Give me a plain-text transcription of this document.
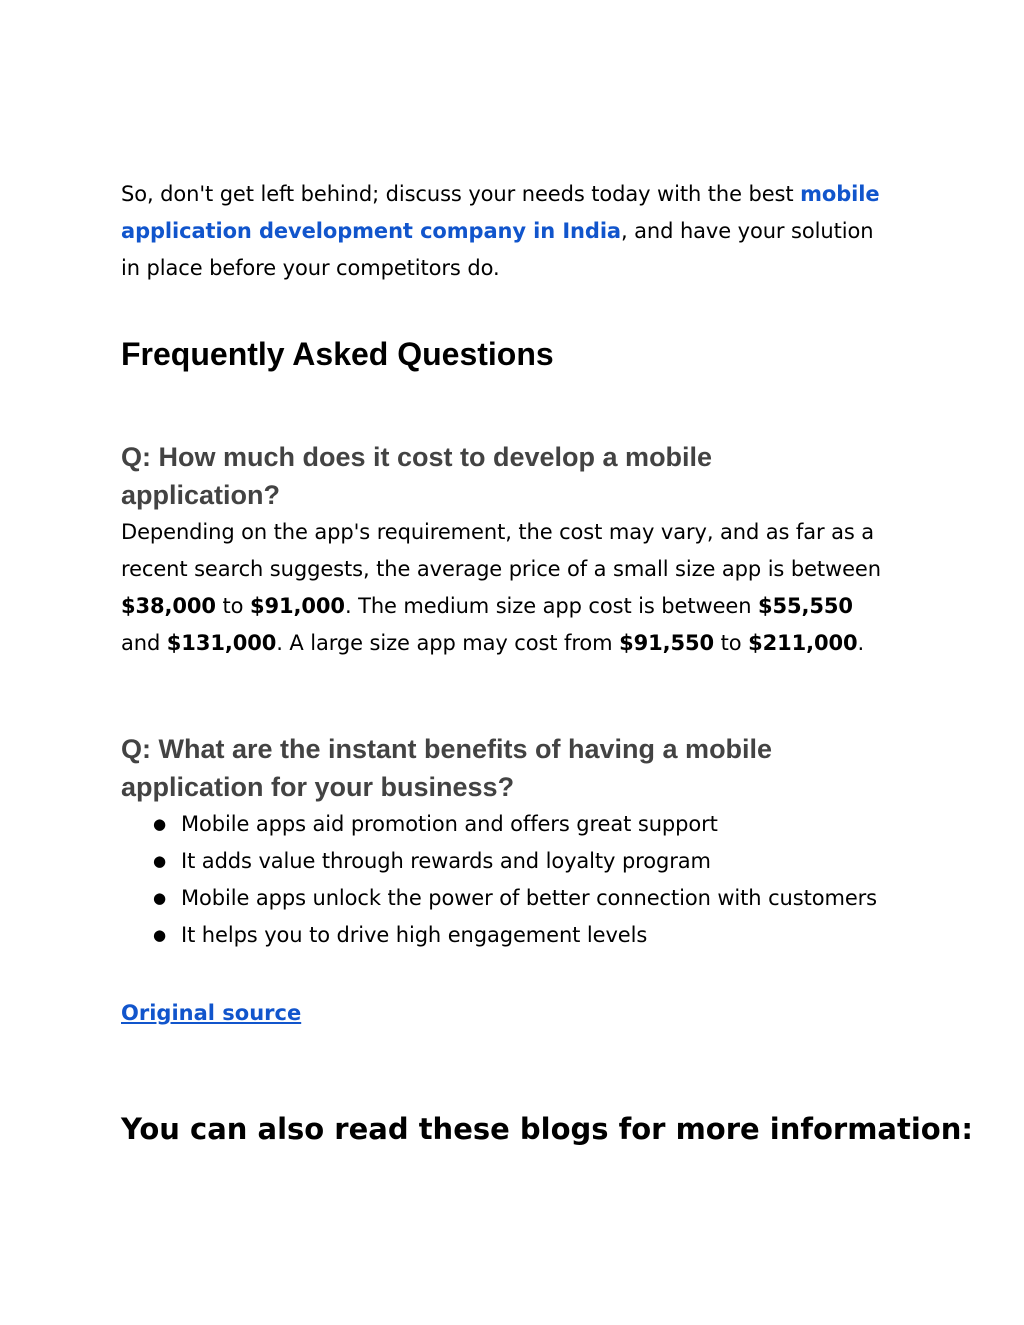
So, don't get left behind; discuss your needs today with the best mobile application development company in India, and have your solution in place before your competitors do.

Frequently Asked Questions
Q: How much does it cost to develop a mobile application?

Depending on the app's requirement, the cost may vary, and as far as a recent search suggests, the average price of a small size app is between $38,000 to $91,000. The medium size app cost is between $55,550 and $131,000. A large size app may cost from $91,550 to $211,000.

Q: What are the instant benefits of having a mobile application for your business?
● Mobile apps aid promotion and offers great support
● It adds value through rewards and loyalty program
● Mobile apps unlock the power of better connection with customers
● It helps you to drive high engagement levels
Original source
You can also read these blogs for more information:
